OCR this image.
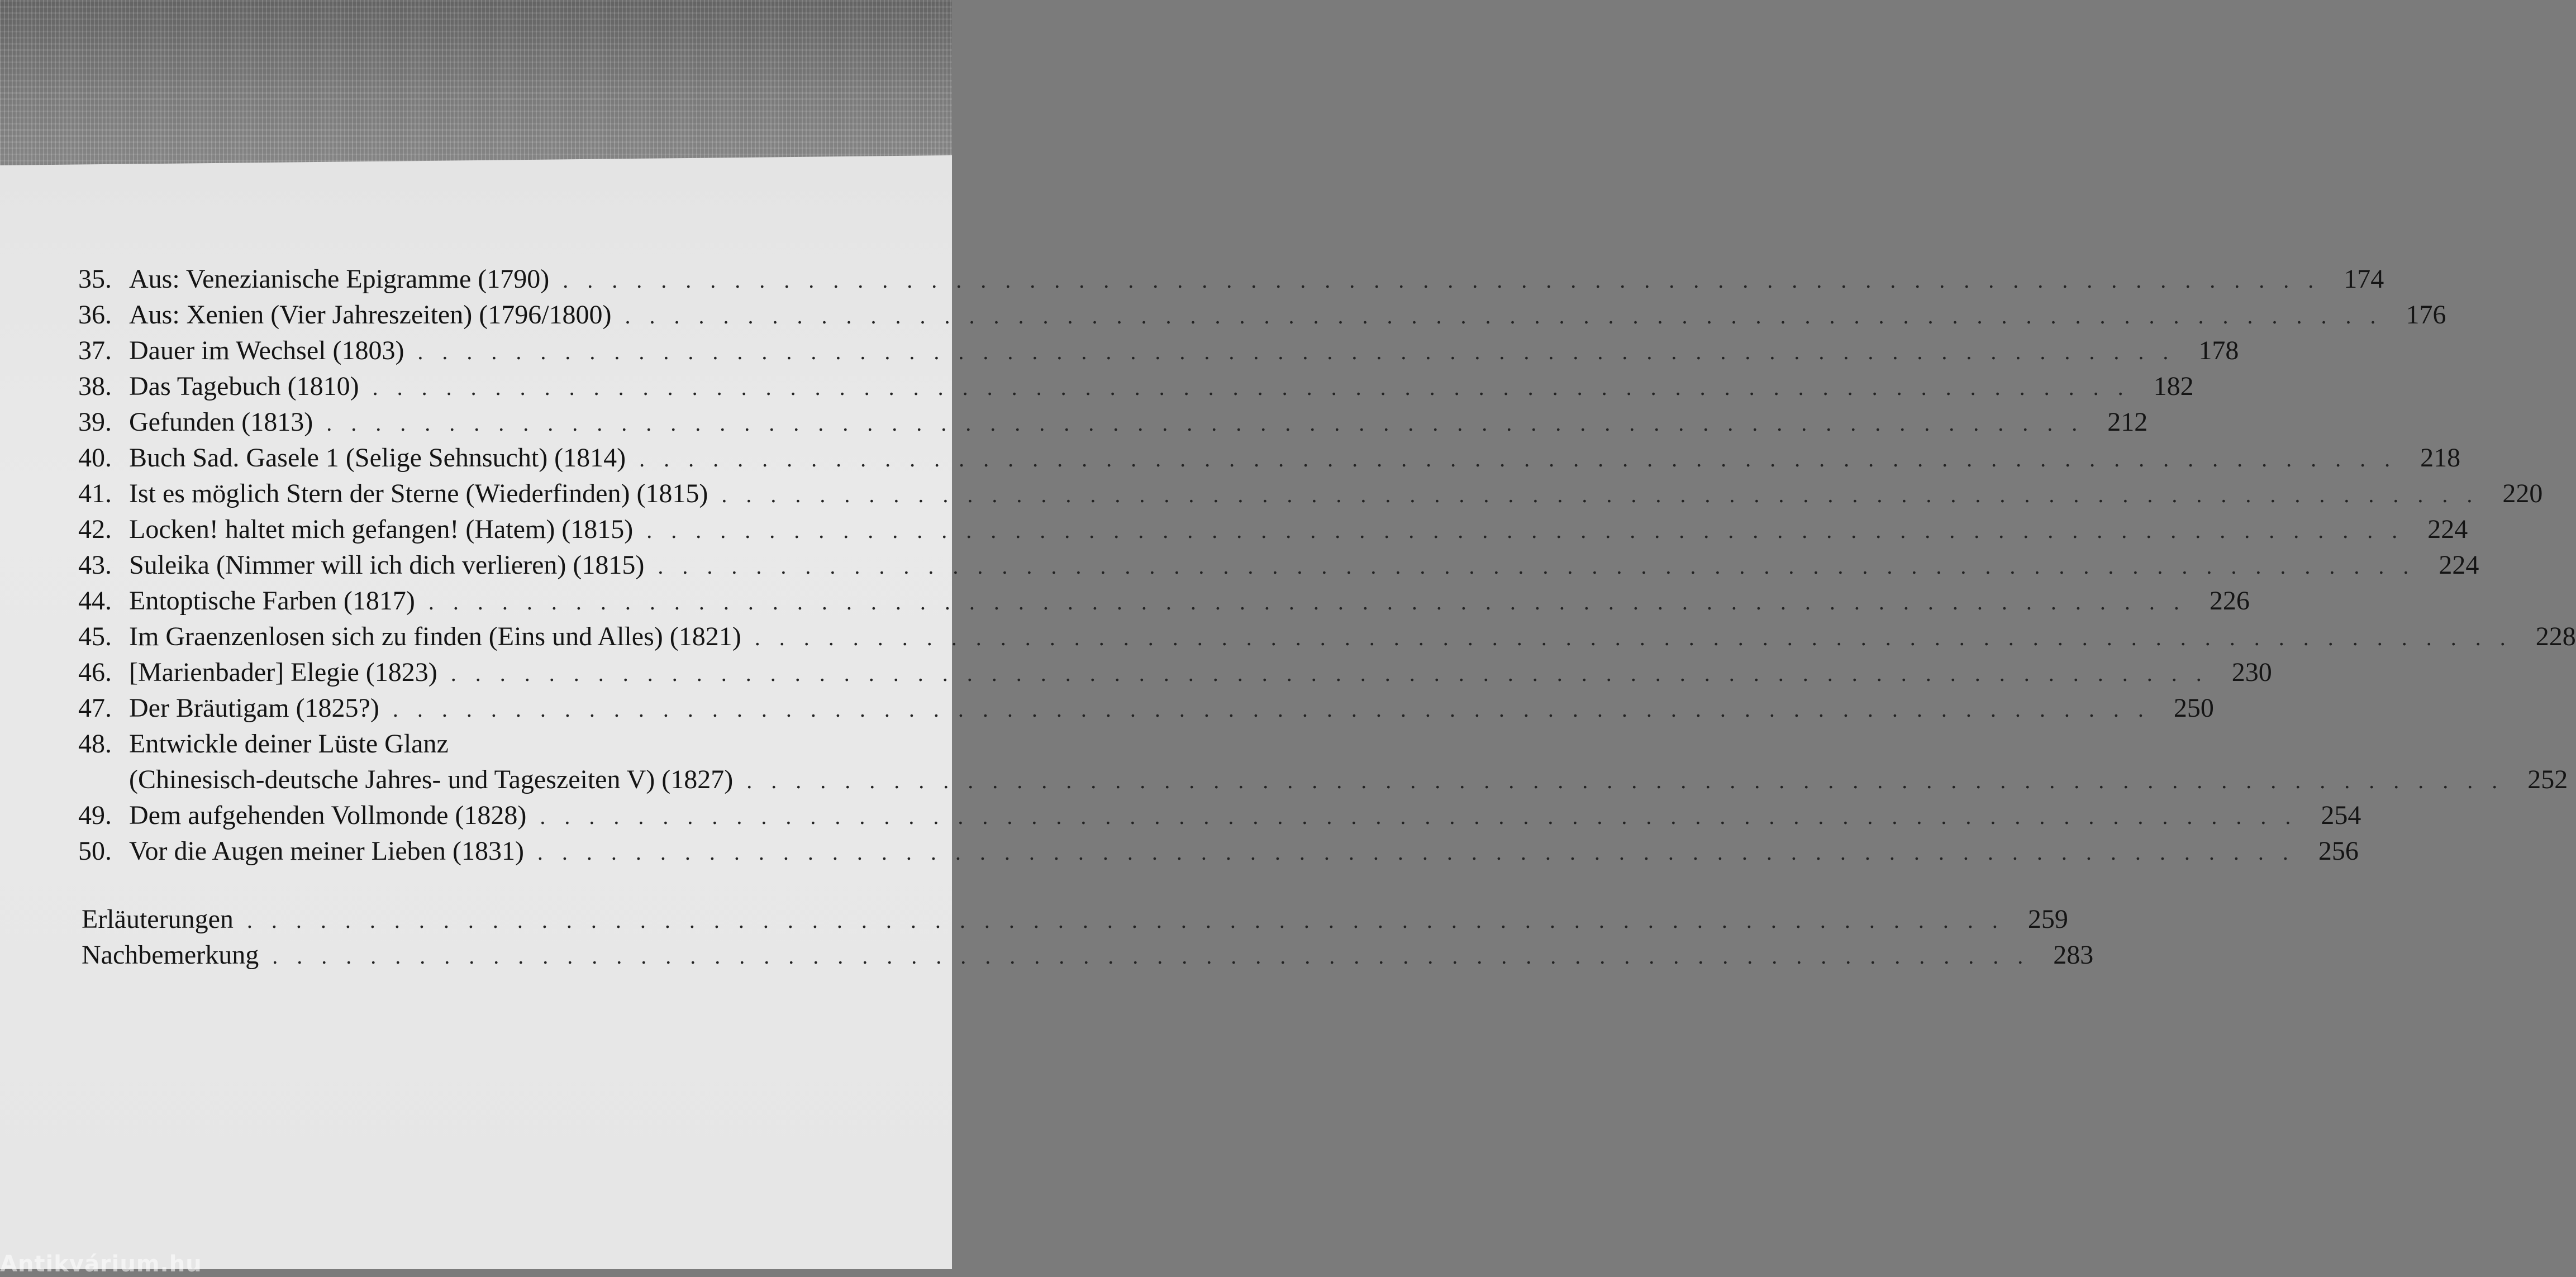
35. Aus: Venezianische Epigramme (1790) . . . . . . . . . . . . . . . . . . . . . . . . . . . . . . . . . . . . . . . . . . . . . . . . . . . . . . . . . . . . . . . . . . . . . . . . 174
36. Aus: Xenien (Vier Jahreszeiten) (1796/1800) . . . . . . . . . . . . . . . . . . . . . . . . . . . . . . . . . . . . . . . . . . . . . . . . . . . . . . . . . . . . . . . . . . . . . . . . 176
37. Dauer im Wechsel (1803) . . . . . . . . . . . . . . . . . . . . . . . . . . . . . . . . . . . . . . . . . . . . . . . . . . . . . . . . . . . . . . . . . . . . . . . . 178
38. Das Tagebuch (1810) . . . . . . . . . . . . . . . . . . . . . . . . . . . . . . . . . . . . . . . . . . . . . . . . . . . . . . . . . . . . . . . . . . . . . . . . 182
39. Gefunden (1813) . . . . . . . . . . . . . . . . . . . . . . . . . . . . . . . . . . . . . . . . . . . . . . . . . . . . . . . . . . . . . . . . . . . . . . . . 212
40. Buch Sad. Gasele 1 (Selige Sehnsucht) (1814) . . . . . . . . . . . . . . . . . . . . . . . . . . . . . . . . . . . . . . . . . . . . . . . . . . . . . . . . . . . . . . . . . . . . . . . . 218
41. Ist es möglich Stern der Sterne (Wiederfinden) (1815) . . . . . . . . . . . . . . . . . . . . . . . . . . . . . . . . . . . . . . . . . . . . . . . . . . . . . . . . . . . . . . . . . . . . . . . . 220
42. Locken! haltet mich gefangen! (Hatem) (1815) . . . . . . . . . . . . . . . . . . . . . . . . . . . . . . . . . . . . . . . . . . . . . . . . . . . . . . . . . . . . . . . . . . . . . . . . 224
43. Suleika (Nimmer will ich dich verlieren) (1815) . . . . . . . . . . . . . . . . . . . . . . . . . . . . . . . . . . . . . . . . . . . . . . . . . . . . . . . . . . . . . . . . . . . . . . . . 224
44. Entoptische Farben (1817) . . . . . . . . . . . . . . . . . . . . . . . . . . . . . . . . . . . . . . . . . . . . . . . . . . . . . . . . . . . . . . . . . . . . . . . . 226
45. Im Graenzenlosen sich zu finden (Eins und Alles) (1821) . . . . . . . . . . . . . . . . . . . . . . . . . . . . . . . . . . . . . . . . . . . . . . . . . . . . . . . . . . . . . . . . . . . . . . . . 228
46. [Marienbader] Elegie (1823) . . . . . . . . . . . . . . . . . . . . . . . . . . . . . . . . . . . . . . . . . . . . . . . . . . . . . . . . . . . . . . . . . . . . . . . . 230
47. Der Bräutigam (1825?) . . . . . . . . . . . . . . . . . . . . . . . . . . . . . . . . . . . . . . . . . . . . . . . . . . . . . . . . . . . . . . . . . . . . . . . . 250
48. Entwickle deiner Lüste Glanz
(Chinesisch-deutsche Jahres- und Tageszeiten V) (1827) . . . . . . . . . . . . . . . . . . . . . . . . . . . . . . . . . . . . . . . . . . . . . . . . . . . . . . . . . . . . . . . . . . . . . . . . 252
49. Dem aufgehenden Vollmonde (1828) . . . . . . . . . . . . . . . . . . . . . . . . . . . . . . . . . . . . . . . . . . . . . . . . . . . . . . . . . . . . . . . . . . . . . . . . 254
50. Vor die Augen meiner Lieben (1831) . . . . . . . . . . . . . . . . . . . . . . . . . . . . . . . . . . . . . . . . . . . . . . . . . . . . . . . . . . . . . . . . . . . . . . . . 256
Erläuterungen . . . . . . . . . . . . . . . . . . . . . . . . . . . . . . . . . . . . . . . . . . . . . . . . . . . . . . . . . . . . . . . . . . . . . . . . 259
Nachbemerkung . . . . . . . . . . . . . . . . . . . . . . . . . . . . . . . . . . . . . . . . . . . . . . . . . . . . . . . . . . . . . . . . . . . . . . . . 283
Antikvárium.hu
